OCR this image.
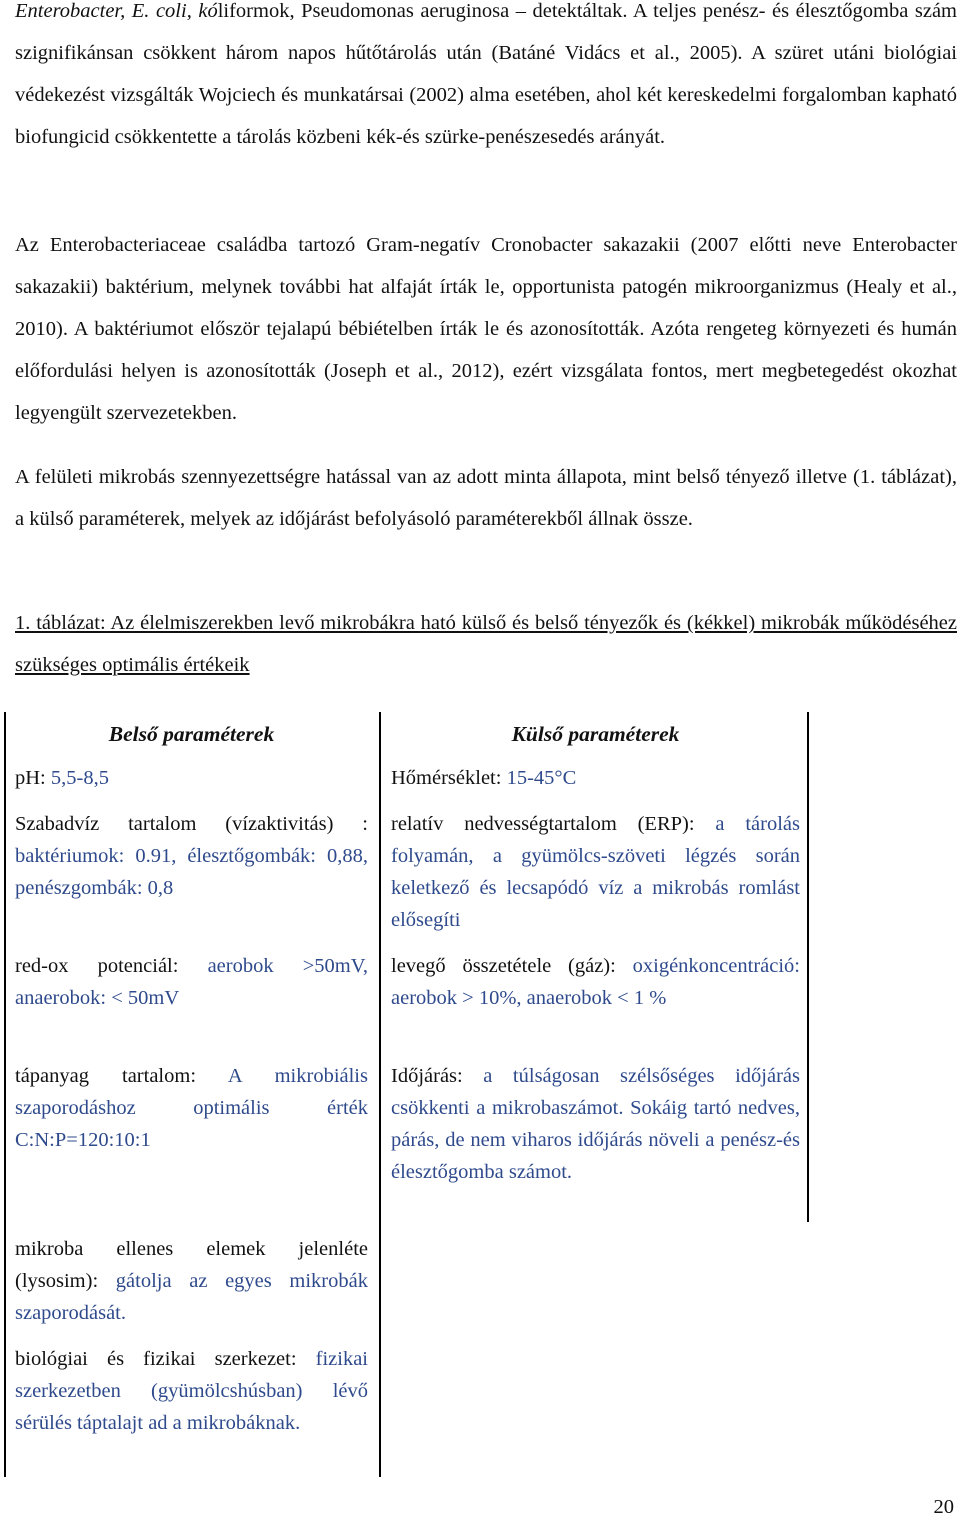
Enterobacter, E. coli, kóliformok, Pseudomonas aeruginosa – detektáltak. A teljes penész- és élesztőgomba szám szignifikánsan csökkent három napos hűtőtárolás után (Batáné Vidács et al., 2005). A szüret utáni biológiai védekezést vizsgálták Wojciech és munkatársai (2002) alma esetében, ahol két kereskedelmi forgalomban kapható biofungicid csökkentette a tárolás közbeni kék-és szürke-penészesedés arányát.

Az Enterobacteriaceae családba tartozó Gram-negatív Cronobacter sakazakii (2007 előtti neve Enterobacter sakazakii) baktérium, melynek további hat alfaját írták le, opportunista patogén mikroorganizmus (Healy et al., 2010). A baktériumot először tejalapú bébiételben írták le és azonosították. Azóta rengeteg környezeti és humán előfordulási helyen is azonosították (Joseph et al., 2012), ezért vizsgálata fontos, mert megbetegedést okozhat legyengült szervezetekben.

A felületi mikrobás szennyezettségre hatással van az adott minta állapota, mint belső tényező illetve (1. táblázat), a külső paraméterek, melyek az időjárást befolyásoló paraméterekből állnak össze.

1. táblázat: Az élelmiszerekben levő mikrobákra ható külső és belső tényezők és (kékkel) mikrobák működéséhez szükséges optimális értékeik

Belső paraméterek	Külső paraméterek

pH: 5,5-8,5

Szabadvíz tartalom (vízaktivitás) : baktériumok: 0.91, élesztőgombák: 0,88, penészgombák: 0,8

red-ox potenciál: aerobok >50mV, anaerobok: < 50mV

tápanyag tartalom: A mikrobiális szaporodáshoz optimális érték C:N:P=120:10:1

mikroba ellenes elemek jelenléte (lysosim): gátolja az egyes mikrobák szaporodását.

biológiai és fizikai szerkezet: fizikai szerkezetben (gyümölcshúsban) lévő sérülés táptalajt ad a mikrobáknak.

Hőmérséklet: 15-45°C

relatív nedvességtartalom (ERP): a tárolás folyamán, a gyümölcs-szöveti légzés során keletkező és lecsapódó víz a mikrobás romlást elősegíti

levegő összetétele (gáz): oxigénkoncentráció: aerobok > 10%, anaerobok < 1 %

Időjárás: a túlságosan szélsőséges időjárás csökkenti a mikrobaszámot. Sokáig tartó nedves, párás, de nem viharos időjárás növeli a penész-és élesztőgomba számot.

20
